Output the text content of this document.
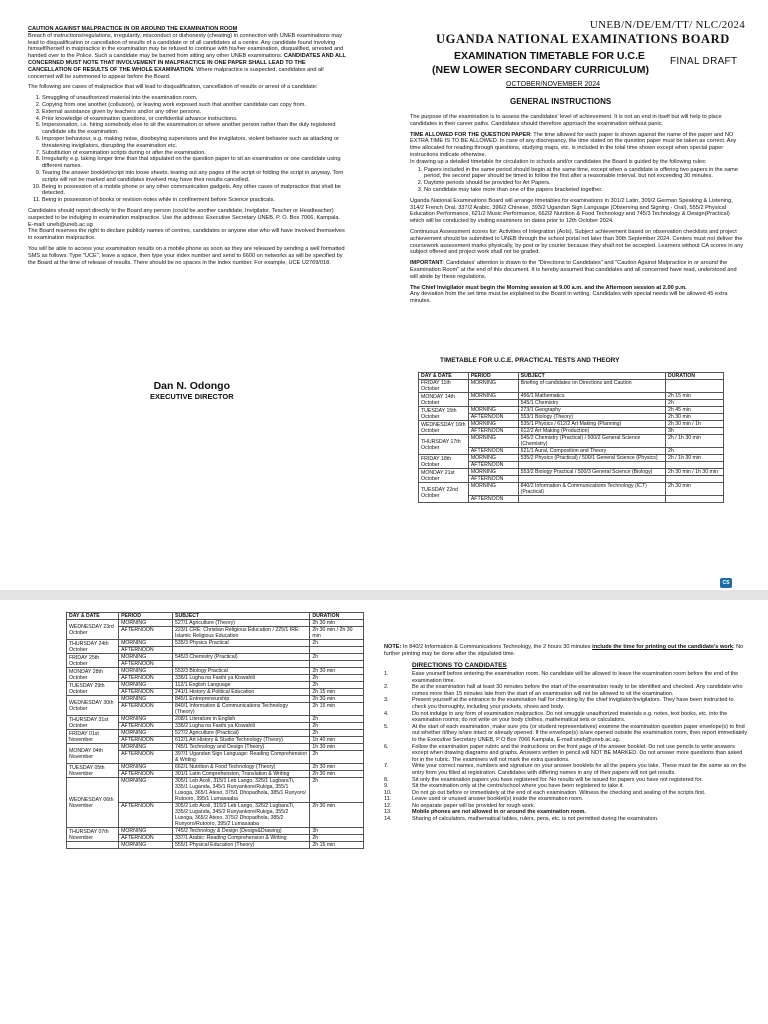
CAUTION AGAINST MALPRACTICE IN OR AROUND THE EXAMINATION ROOM

Breach of instructions/regulations, irregularity, misconduct or dishonesty (cheating) in connection with UNEB examinations may lead to disqualification or cancellation of results of a candidate or of all candidates at a centre. Any candidate found involving himself/herself in malpractice in the examination may be refused to continue with his/her examination, disqualified, arrested and handed over to the Police. Such a candidate may be barred from sitting any other UNEB examinations. CANDIDATES AND ALL CONCERNED MUST NOTE THAT INVOLVEMENT IN MALPRACTICE IN ONE PAPER SHALL LEAD TO THE CANCELLATION OF RESULTS OF THE WHOLE EXAMINATION. Where malpractice is suspected, candidates and all concerned will be summoned to appear before the Board.

The following are cases of malpractice that will lead to disqualification, cancellation of results or arrest of a candidate:

1. Smuggling of unauthorized material into the examination room.
2. Copying from one another (collusion), or leaving work exposed such that another candidate can copy from.
3. External assistance given by teachers and/or any other persons.
4. Prior knowledge of examination questions, or confidential advance instructions.
5. Impersonation, i.e. hiring somebody else to sit the examination or where another person rather than the duly registered candidate sits the examination.
6. Improper behaviour, e.g. making noise, disobeying supervisors and the invigilators, violent behavior such as attacking or threatening invigilators, disrupting the examination etc.
7. Substitution of examination scripts during or after the examination.
8. Irregularity e.g. taking longer time than that stipulated on the question paper to sit an examination or one candidate using different names.
9. Tearing the answer booklet/script into loose sheets, tearing out any pages of the script or folding the script in anyway. Torn scripts will not be marked and candidates involved may have their results cancelled.
10. Being in possession of a mobile phone or any other communication gadgets. Any other cases of malpractice that shall be detected.
11. Being in possession of books or revision notes while in confinement before Science practicals.

Candidates should report directly to the Board any person (could be another candidate, Invigilator, Teacher or Headteacher) suspected to be indulging in examination malpractice. Use the address: Executive Secretary UNEB, P. O. Box 7066, Kampala.

E-mail: uneb@uneb.ac.ug

The Board reserves the right to declare publicly names of centres, candidates or anyone else who will have involved themselves in examination malpractice.

You will be able to access your examination results on a mobile phone as soon as they are released by sending a well formatted SMS as follows: Type "UCE", leave a space, then type your index number and send to 6600 on networks as will be specified by the Board at the time of release of results. There should be no spaces in the index number. For example, UCE U2769/018.

Dan N. Odongo
EXECUTIVE DIRECTOR
UNEB/N/DE/EM/TT/ NLC/2024
UGANDA NATIONAL EXAMINATIONS BOARD
EXAMINATION TIMETABLE FOR U.C.E
(NEW LOWER SECONDARY CURRICULUM)
FINAL DRAFT
OCTOBER/NOVEMBER 2024
GENERAL INSTRUCTIONS

The purpose of the examination is to assess the candidates' level of achievement. It is not an end in itself but will help to place candidates in their career paths. Candidates should therefore approach the examination without panic.

TIME ALLOWED FOR THE QUESTION PAPER: The time allowed for each paper is shown against the name of the paper and NO EXTRA TIME IS TO BE ALLOWED. In case of any discrepancy, the time stated on the question paper must be taken as correct. Any time allocated for reading through questions, studying maps, etc. is included in the total time shown except when special paper instructions indicate otherwise.

In drawing up a detailed timetable for circulation to schools and/or candidates the Board is guided by the following rules:

1. Papers included in the same period should begin at the same time, except when a candidate is offering two papers in the same period, the second paper should be timed to follow the first after a reasonable interval, but not exceeding 30 minutes.
2. Daytime periods should be provided for Art Papers.
3. No candidate may take more than one of the papers bracketed together.

Uganda National Examinations Board will arrange timetables for examinations in 301/2 Latin, 309/2 German Speaking & Listening, 314/2 French Oral, 337/2 Arabic, 396/2 Chinese, 393/2 Ugandan Sign Language (Observing and Signing - Oral), 555/2 Physical Education Performance, 621/2 Music Performance, 662/2 Nutrition & Food Technology and 745/3 Technology & Design(Practical) which will be conducted by visiting examiners on dates prior to 12th October 2024.

Continuous Assessment scores for: Activities of Integration (AoIs), Subject achievement based on observation checklists and project achievement should be submitted to UNEB through the school portal not later than 30th September 2024. Centers must not deliver the coursework assessment marks physically, by post or by courier because they shall not be accepted. Learners without CA scores in any subject offered and project work shall not be graded.

IMPORTANT: Candidates' attention is drawn to the "Directions to Candidates" and "Caution Against Malpractice in or around the Examination Room" at the end of this document. It is hereby assumed that candidates and all concerned have read, understood and will abide by these regulations.

The Chief Invigilator must begin the Morning session at 9.00 a.m. and the Afternoon session at 2.00 p.m.

Any deviation from the set time must be explained to the Board in writing. Candidates with special needs will be allowed 45 extra minutes.

TIMETABLE FOR U.C.E. PRACTICAL TESTS AND THEORY
DAY & DATE	PERIOD	SUBJECT	DURATION
FRIDAY 11th October	MORNING	Briefing of candidates on Directions and Caution	
MONDAY 14th October	MORNING	456/1 Mathematics	2h 15 min
		545/1 Chemistry	2h
TUESDAY 15th October	MORNING	273/1 Geography	2h 45 min
	AFTERNOON	553/1 Biology (Theory)	2h 30 min
WEDNESDAY 16th October	MORNING	535/1 Physics / 612/2 Art Making (Planning)	2h 30 min / 1h
	AFTERNOON	612/2 Art Making (Production)	3h
THURSDAY 17th October	MORNING	545/2 Chemistry (Practical) / 500/2 General Science (Chemistry)	2h / 1h 30 min
	AFTERNOON	621/1 Aural, Composition and Theory	2h
FRIDAY 18th October	MORNING	535/2 Physics (Practical) / 500/1 General Science (Physics)	2h / 1h 30 min
	AFTERNOON		
MONDAY 21st October	MORNING	553/2 Biology Practical / 500/3 General Science (Biology)	2h 30 min / 1h 30 min
	AFTERNOON		
TUESDAY 22nd October	MORNING	840/2 Information & Communications Technology (ICT) (Practical)	2h 30 min
	AFTERNOON		
CS
DAY & DATE	PERIOD	SUBJECT	DURATION
WEDNESDAY 23rd October	MORNING	527/1 Agriculture (Theory)	2h 30 min
	AFTERNOON	223/1 CRE: Christian Religious Education / 225/1 IRE: Islamic Religious Education	2h 30 min / 2h 30 min
THURSDAY 24th October	MORNING	535/3 Physics Practical	2h
	AFTERNOON		
FRIDAY 25th October	MORNING	545/3 Chemistry (Practical)	2h
	AFTERNOON		
MONDAY 28th October	MORNING	553/3 Biology Practical	2h 30 min
	AFTERNOON	336/1 Lugha na Fasihi ya Kiswahili	2h
TUESDAY 29th October	MORNING	112/1 English Language	2h
	AFTERNOON	241/1 History & Political Education	2h 15 min
WEDNESDAY 30th October	MORNING	845/1 Entrepreneurship	2h 30 min
	AFTERNOON	840/1 Information & Communications Technology (Theory)	2h 15 min
THURSDAY 31st October	MORNING	208/1 Literature in English	2h
	AFTERNOON	336/2 Lugha na Fasihi ya Kiswahili	2h
FRIDAY 01st November	MORNING	527/2 Agriculture (Practical)	2h
	AFTERNOON	612/1 Art History & Studio Technology (Theory)	1h 40 min
MONDAY 04th November	MORNING	745/1 Technology and Design (Theory)	1h 30 min
	AFTERNOON	397/1 Ugandan Sign Language: Reading Comprehension & Writing	2h
TUESDAY 05th November	MORNING	662/1 Nutrition & Food Technology (Theory)	2h 30 min
	AFTERNOON	301/1 Latin Comprehension, Translation & Writing	2h 30 min
WEDNESDAY 06th November	MORNING	305/1 Leb Acoli, 315/1 Leb Lango, 325/1 LugbaraTi, 335/1 Luganda, 345/1 Runyankore/Rukiga, 355/1 Lusoga, 365/1 Ateso, 375/1 Dhopadhola, 385/1 Runyoro/ Rutooro, 395/1 Lumasaaba	2h
	AFTERNOON	305/2 Leb Acoli, 315/2 Leb Lango, 325/2 LugbaraTi, 335/2 Luganda, 345/2 Runyankore/Rukiga, 355/2 Lusoga, 365/2 Ateso, 375/2 Dhopadhola, 385/2 Runyoro/Rutooro, 395/2 Lumasaaba	2h 30 min
THURSDAY 07th November	MORNING	745/2 Technology & Design (Design&Drawing)	3h
	AFTERNOON	337/1 Arabic: Reading Comprehension & Writing	2h
	MORNING	555/1 Physical Education (Theory)	2h 15 min
NOTE: In 840/2 Information & Communications Technology, the 2 hours 30 minutes include the time for printing out the candidate's work. No further printing may be done after the stipulated time.
DIRECTIONS TO CANDIDATES
1.	Ease yourself before entering the examination room. No candidate will be allowed to leave the examination room before the end of the examination time.
2.	Be at the examination hall at least 30 minutes before the start of the examination ready to be identified and checked. Any candidate who comes more than 15 minutes late from the start of an examination will not be allowed to sit the examination.
3.	Present yourself at the entrance to the examination hall for checking by the chief invigilator/invigilators. They have been instructed to check you thoroughly, including your pockets, shoes and body.
4.	Do not indulge in any form of examination malpractice. Do not smuggle unauthorized materials e.g. notes, text books, etc. into the examination rooms; do not write on your body clothes, mathematical sets or calculators.
5.	At the start of each examination, make sure you (or student representatives) examine the examination question paper envelope(s) to find out whether it/they is/are intact or already opened. If the envelope(s) is/are opened outside the examination room, then report immediately to the Executive Secretary UNEB, P O Box 7066 Kampala, E-mail:uneb@uneb.ac.ug.
6.	Follow the examination paper rubric and the instructions on the front page of the answer booklet. Do not use pencils to write answers except when drawing diagrams and graphs. Answers written in pencil will NOT BE MARKED. Do not answer more questions than asked for in the rubric. The examiners will not mark the extra questions.
7.	Write your correct names, numbers and signature on your answer booklets for all the papers you take. These must be the same as on the entry form you filled at registration. Candidates with differing names in any of their papers will not get results.
8.	Sit only the examination papers you have registered for. No results will be issued for papers you have not registered for.
9.	Sit the examination only at the centre/school where you have been registered to take it.
10.	Do not go out before or immediately at the end of each examination. Witness the checking and sealing of the scripts first.
11.	Leave used or unused answer booklet(s) inside the examination room.
12.	No separate paper will be provided for rough work.
13.	Mobile phones are not allowed in or around the examination room.
14.	Sharing of calculators, mathematical tables, rulers, pens, etc. is not permitted during the examination.
